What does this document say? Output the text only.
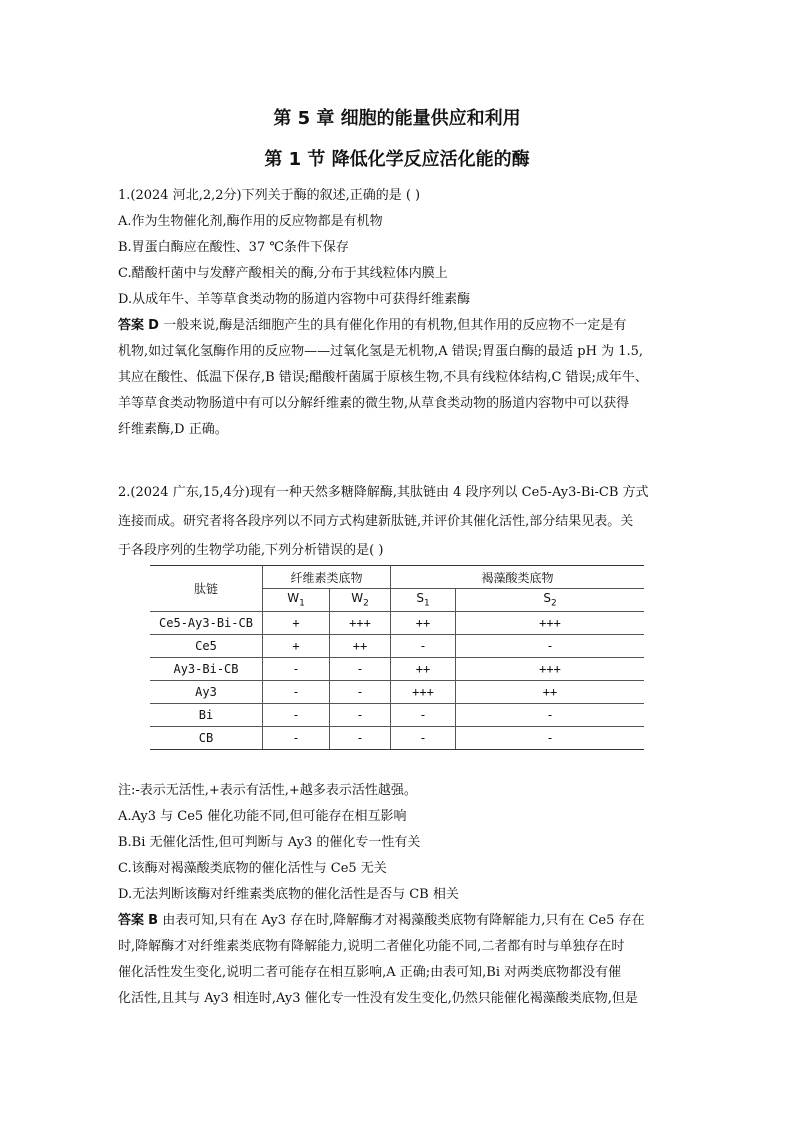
第 5 章 细胞的能量供应和利用
第 1 节 降低化学反应活化能的酶
1.(2024 河北,2,2分)下列关于酶的叙述,正确的是 ( )
A.作为生物催化剂,酶作用的反应物都是有机物
B.胃蛋白酶应在酸性、37 ℃条件下保存
C.醋酸杆菌中与发酵产酸相关的酶,分布于其线粒体内膜上
D.从成年牛、羊等草食类动物的肠道内容物中可获得纤维素酶
答案 D 一般来说,酶是活细胞产生的具有催化作用的有机物,但其作用的反应物不一定是有
机物,如过氧化氢酶作用的反应物——过氧化氢是无机物,A 错误;胃蛋白酶的最适 pH 为 1.5,
其应在酸性、低温下保存,B 错误;醋酸杆菌属于原核生物,不具有线粒体结构,C 错误;成年牛、
羊等草食类动物肠道中有可以分解纤维素的微生物,从草食类动物的肠道内容物中可以获得
纤维素酶,D 正确。
2.(2024 广东,15,4分)现有一种天然多糖降解酶,其肽链由 4 段序列以 Ce5-Ay3-Bi-CB 方式
连接而成。研究者将各段序列以不同方式构建新肽链,并评价其催化活性,部分结果见表。关
于各段序列的生物学功能,下列分析错误的是( )
肽链	纤维素类底物		褐藻酸类底物	
	$W_1$	$W_2$	$S_1$	$S_2$
Ce5-Ay3-Bi-CB	+	+++	++	+++
Ce5	+	++	-	-
Ay3-Bi-CB	-	-	++	+++
Ay3	-	-	+++	++
Bi	-	-	-	-
CB	-	-	-	-
注:-表示无活性,+表示有活性,+越多表示活性越强。
A.Ay3 与 Ce5 催化功能不同,但可能存在相互影响
B.Bi 无催化活性,但可判断与 Ay3 的催化专一性有关
C.该酶对褐藻酸类底物的催化活性与 Ce5 无关
D.无法判断该酶对纤维素类底物的催化活性是否与 CB 相关
答案 B 由表可知,只有在 Ay3 存在时,降解酶才对褐藻酸类底物有降解能力,只有在 Ce5 存在
时,降解酶才对纤维素类底物有降解能力,说明二者催化功能不同,二者都有时与单独存在时
催化活性发生变化,说明二者可能存在相互影响,A 正确;由表可知,Bi 对两类底物都没有催
化活性,且其与 Ay3 相连时,Ay3 催化专一性没有发生变化,仍然只能催化褐藻酸类底物,但是
